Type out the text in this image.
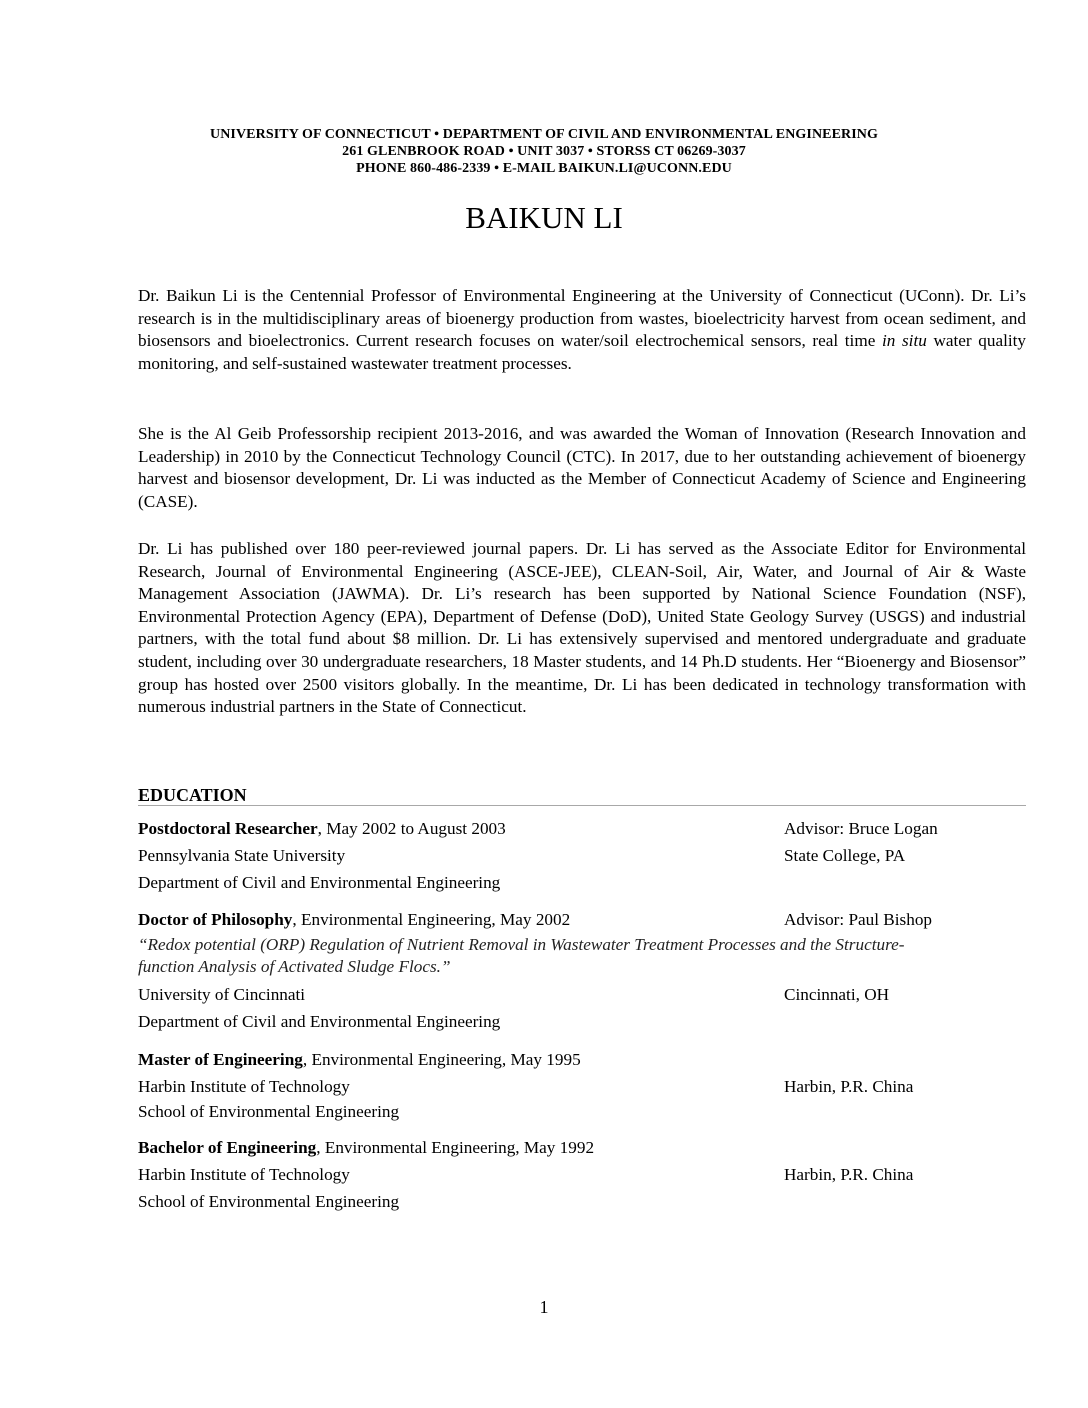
UNIVERSITY OF CONNECTICUT • DEPARTMENT OF CIVIL AND ENVIRONMENTAL ENGINEERING
261 GLENBROOK ROAD • UNIT 3037 • STORSS CT 06269-3037
PHONE 860-486-2339 • E-MAIL BAIKUN.LI@UCONN.EDU
BAIKUN LI

Dr. Baikun Li is the Centennial Professor of Environmental Engineering at the University of Connecticut (UConn). Dr. Li’s research is in the multidisciplinary areas of bioenergy production from wastes, bioelectricity harvest from ocean sediment, and biosensors and bioelectronics. Current research focuses on water/soil electrochemical sensors, real time in situ water quality monitoring, and self-sustained wastewater treatment processes.

She is the Al Geib Professorship recipient 2013-2016, and was awarded the Woman of Innovation (Research Innovation and Leadership) in 2010 by the Connecticut Technology Council (CTC). In 2017, due to her outstanding achievement of bioenergy harvest and biosensor development, Dr. Li was inducted as the Member of Connecticut Academy of Science and Engineering (CASE).

Dr. Li has published over 180 peer-reviewed journal papers. Dr. Li has served as the Associate Editor for Environmental Research, Journal of Environmental Engineering (ASCE-JEE), CLEAN-Soil, Air, Water, and Journal of Air & Waste Management Association (JAWMA). Dr. Li’s research has been supported by National Science Foundation (NSF), Environmental Protection Agency (EPA), Department of Defense (DoD), United State Geology Survey (USGS) and industrial partners, with the total fund about $8 million. Dr. Li has extensively supervised and mentored undergraduate and graduate student, including over 30 undergraduate researchers, 18 Master students, and 14 Ph.D students. Her “Bioenergy and Biosensor” group has hosted over 2500 visitors globally. In the meantime, Dr. Li has been dedicated in technology transformation with numerous industrial partners in the State of Connecticut.

EDUCATION
Postdoctoral Researcher, May 2002 to August 2003	Advisor: Bruce Logan
Pennsylvania State University	State College, PA
Department of Civil and Environmental Engineering
Doctor of Philosophy, Environmental Engineering, May 2002	Advisor: Paul Bishop
“Redox potential (ORP) Regulation of Nutrient Removal in Wastewater Treatment Processes and the Structure-function Analysis of Activated Sludge Flocs.”
University of Cincinnati	Cincinnati, OH
Department of Civil and Environmental Engineering
Master of Engineering, Environmental Engineering, May 1995
Harbin Institute of Technology	Harbin, P.R. China
School of Environmental Engineering
Bachelor of Engineering, Environmental Engineering, May 1992
Harbin Institute of Technology	Harbin, P.R. China
School of Environmental Engineering
1
